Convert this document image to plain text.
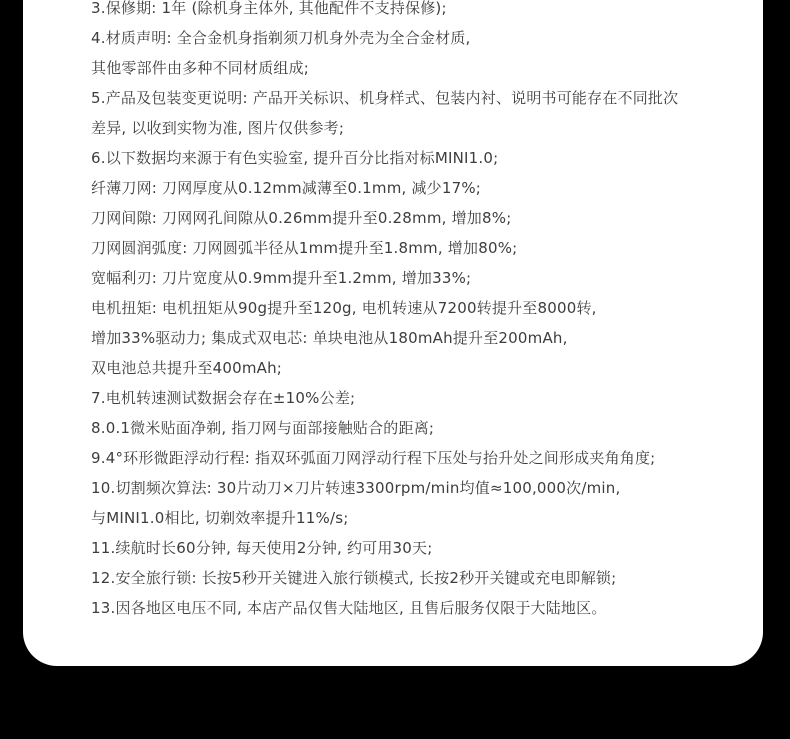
3.保修期: 1年 (除机身主体外, 其他配件不支持保修);
4.材质声明: 全合金机身指剃须刀机身外壳为全合金材质,
其他零部件由多种不同材质组成;
5.产品及包装变更说明: 产品开关标识、机身样式、包装内衬、说明书可能存在不同批次
差异, 以收到实物为准, 图片仅供参考;
6.以下数据均来源于有色实验室, 提升百分比指对标MINI1.0;
纤薄刀网: 刀网厚度从0.12mm减薄至0.1mm, 减少17%;
刀网间隙: 刀网网孔间隙从0.26mm提升至0.28mm, 增加8%;
刀网圆润弧度: 刀网圆弧半径从1mm提升至1.8mm, 增加80%;
宽幅利刃: 刀片宽度从0.9mm提升至1.2mm, 增加33%;
电机扭矩: 电机扭矩从90g提升至120g, 电机转速从7200转提升至8000转,
增加33%驱动力; 集成式双电芯: 单块电池从180mAh提升至200mAh,
双电池总共提升至400mAh;
7.电机转速测试数据会存在±10%公差;
8.0.1微米贴面净剃, 指刀网与面部接触贴合的距离;
9.4°环形微距浮动行程: 指双环弧面刀网浮动行程下压处与抬升处之间形成夹角角度;
10.切割频次算法: 30片动刀×刀片转速3300rpm/min均值≈100,000次/min,
与MINI1.0相比, 切剃效率提升11%/s;
11.续航时长60分钟, 每天使用2分钟, 约可用30天;
12.安全旅行锁: 长按5秒开关键进入旅行锁模式, 长按2秒开关键或充电即解锁;
13.因各地区电压不同, 本店产品仅售大陆地区, 且售后服务仅限于大陆地区。
